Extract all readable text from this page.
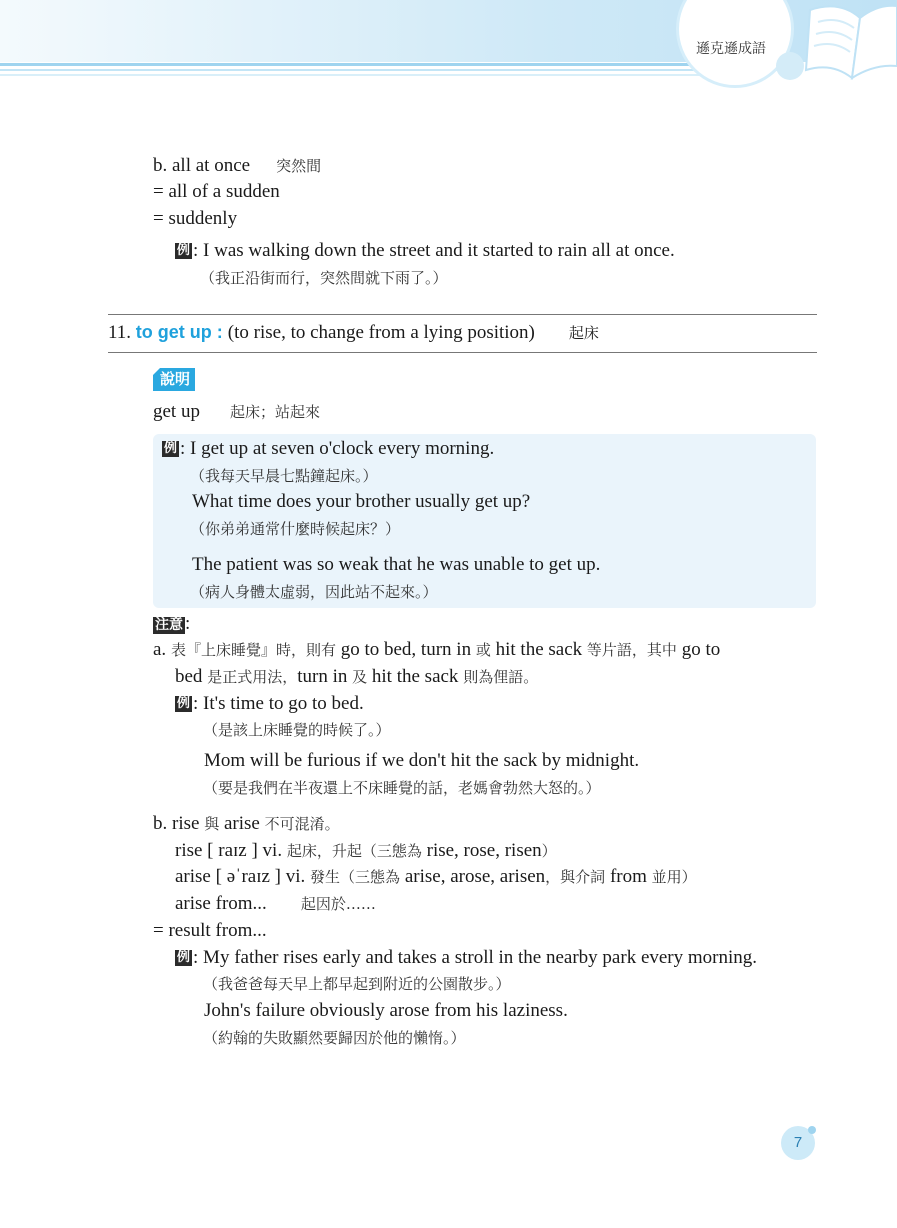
遜克遜成語
b. all at once 突然間
= all of a sudden
= suddenly
例 : I was walking down the street and it started to rain all at once.
（我正沿街而行，突然間就下雨了。）
11. to get up : (to rise, to change from a lying position) 起床
說明
get up 起床；站起來
例 : I get up at seven o'clock every morning.
（我每天早晨七點鐘起床。）
What time does your brother usually get up?
（你弟弟通常什麼時候起床？）
The patient was so weak that he was unable to get up.
（病人身體太虛弱，因此站不起來。）
注意 :
a. 表『上床睡覺』時，則有 go to bed, turn in 或 hit the sack 等片語，其中 go to
bed 是正式用法，turn in 及 hit the sack 則為俚語。
例 : It's time to go to bed.
（是該上床睡覺的時候了。）
Mom will be furious if we don't hit the sack by midnight.
（要是我們在半夜還上不床睡覺的話，老媽會勃然大怒的。）
b. rise 與 arise 不可混淆。
rise [ raɪz ] vi. 起床，升起（三態為 rise, rose, risen）
arise [ əˈraɪz ] vi. 發生（三態為 arise, arose, arisen，與介詞 from 並用）
arise from... 起因於……
= result from...
例 : My father rises early and takes a stroll in the nearby park every morning.
（我爸爸每天早上都早起到附近的公園散步。）
John's failure obviously arose from his laziness.
（約翰的失敗顯然要歸因於他的懶惰。）
7
